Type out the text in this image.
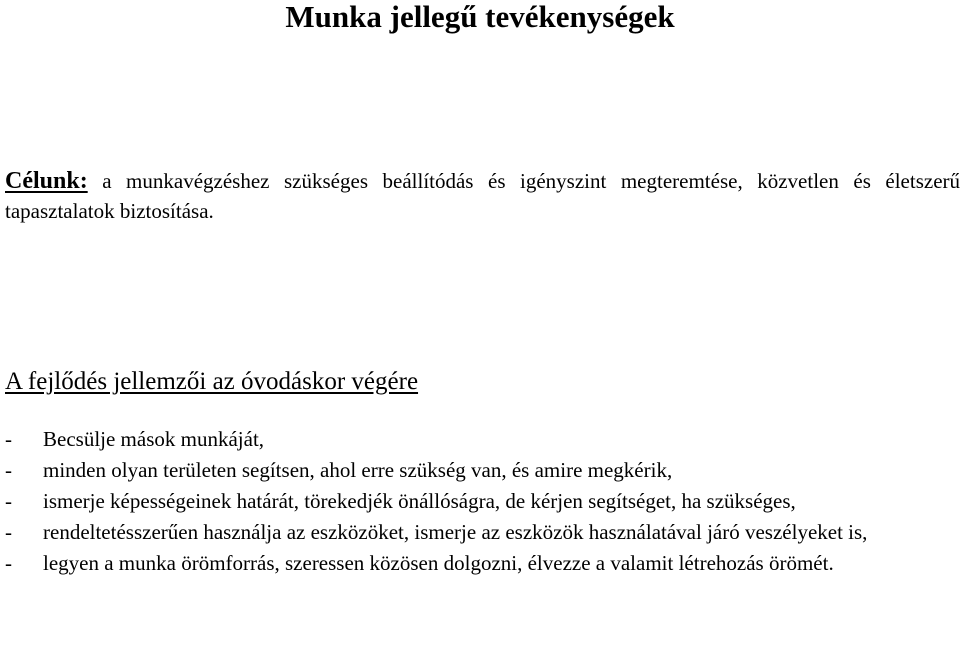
Munka jellegű tevékenységek
Célunk: a munkavégzéshez szükséges beállítódás és igényszint megteremtése, közvetlen és életszerű tapasztalatok biztosítása.
A fejlődés jellemzői az óvodáskor végére
-	Becsülje mások munkáját,
-	minden olyan területen segítsen, ahol erre szükség van, és amire megkérik,
-	ismerje képességeinek határát, törekedjék önállóságra, de kérjen segítséget, ha szükséges,
-	rendeltetésszerűen használja az eszközöket, ismerje az eszközök használatával járó veszélyeket is,
-	legyen a munka örömforrás, szeressen közösen dolgozni, élvezze a valamit létrehozás örömét.
